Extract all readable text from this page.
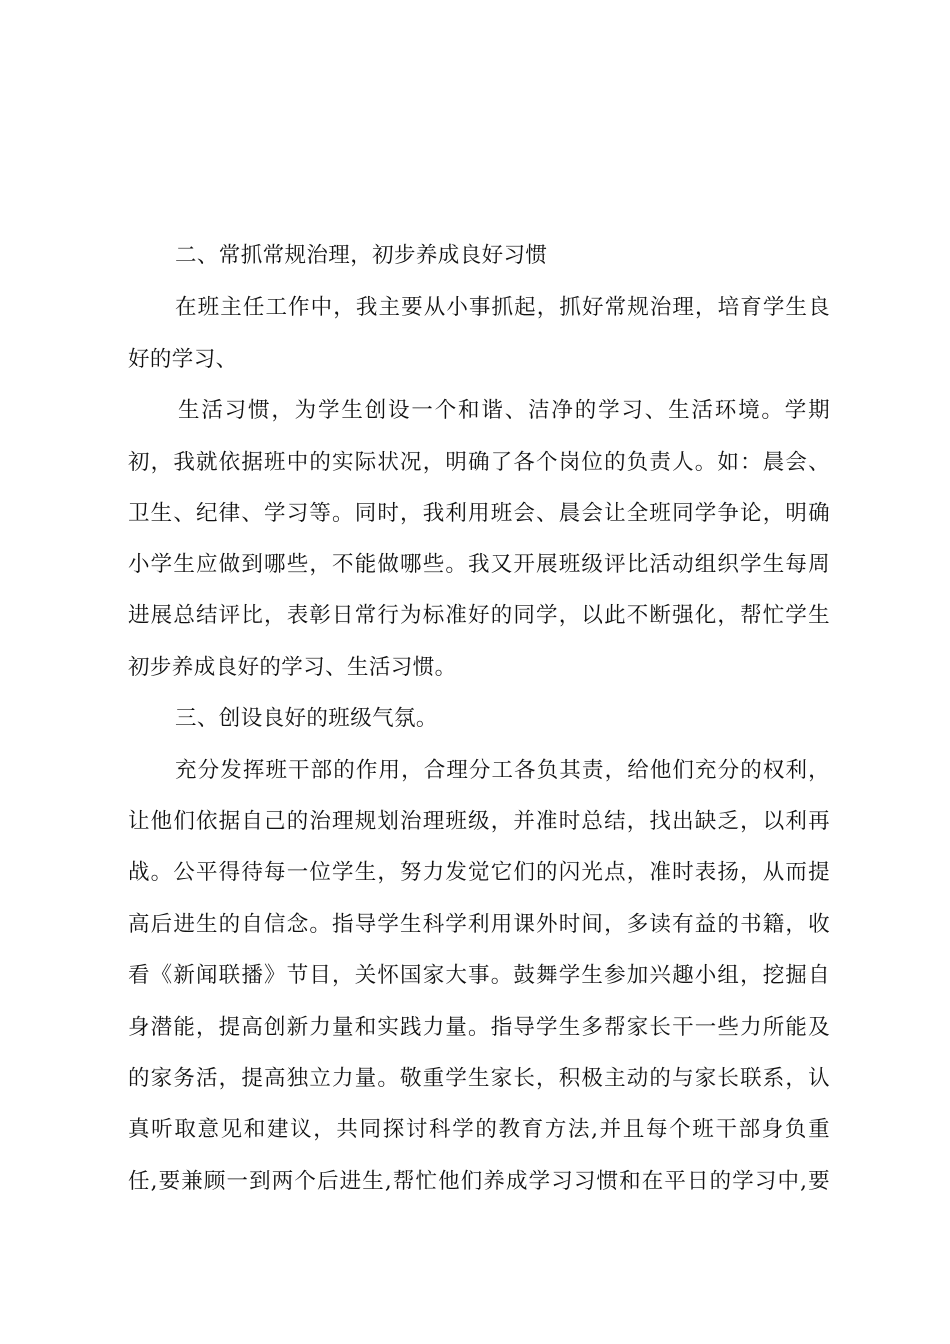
二、常抓常规治理，初步养成良好习惯
在班主任工作中，我主要从小事抓起，抓好常规治理，培育学生良
好的学习、
生活习惯，为学生创设一个和谐、洁净的学习、生活环境。学期
初，我就依据班中的实际状况，明确了各个岗位的负责人。如：晨会、
卫生、纪律、学习等。同时，我利用班会、晨会让全班同学争论，明确
小学生应做到哪些，不能做哪些。我又开展班级评比活动组织学生每周
进展总结评比，表彰日常行为标准好的同学，以此不断强化，帮忙学生
初步养成良好的学习、生活习惯。
三、创设良好的班级气氛。
充分发挥班干部的作用，合理分工各负其责，给他们充分的权利，
让他们依据自己的治理规划治理班级，并准时总结，找出缺乏，以利再
战。公平得待每一位学生，努力发觉它们的闪光点，准时表扬，从而提
高后进生的自信念。指导学生科学利用课外时间，多读有益的书籍，收
看《新闻联播》节目，关怀国家大事。鼓舞学生参加兴趣小组，挖掘自
身潜能，提高创新力量和实践力量。指导学生多帮家长干一些力所能及
的家务活，提高独立力量。敬重学生家长，积极主动的与家长联系，认
真听取意见和建议，共同探讨科学的教育方法,并且每个班干部身负重
任,要兼顾一到两个后进生,帮忙他们养成学习习惯和在平日的学习中,要
